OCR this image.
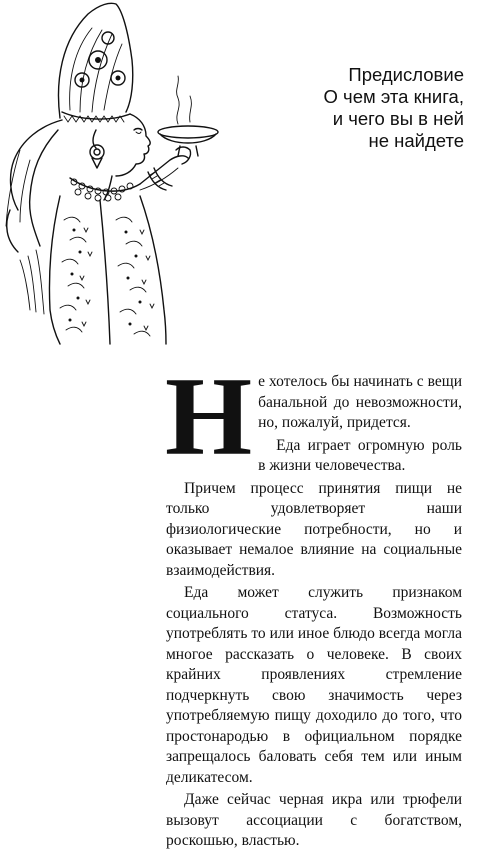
Предисловие
О чем эта книга,
и чего вы в ней
не найдете
Н е хотелось бы начинать с вещи банальной до невозможности, но, пожалуй, придется.

Еда играет огромную роль в жизни человечества.

Причем процесс принятия пищи не только удовлетворяет наши физиологические потребности, но и оказывает немалое влияние на социальные взаимодействия.

Еда может служить признаком социального статуса. Возможность употреблять то или иное блюдо всегда могла многое рассказать о человеке. В своих крайних проявлениях стремление подчеркнуть свою значимость через употребляемую пищу доходило до того, что простонародью в официальном порядке запрещалось баловать себя тем или иным деликатесом.

Даже сейчас черная икра или трюфели вызовут ассоциации с богатством, роскошью, властью.
